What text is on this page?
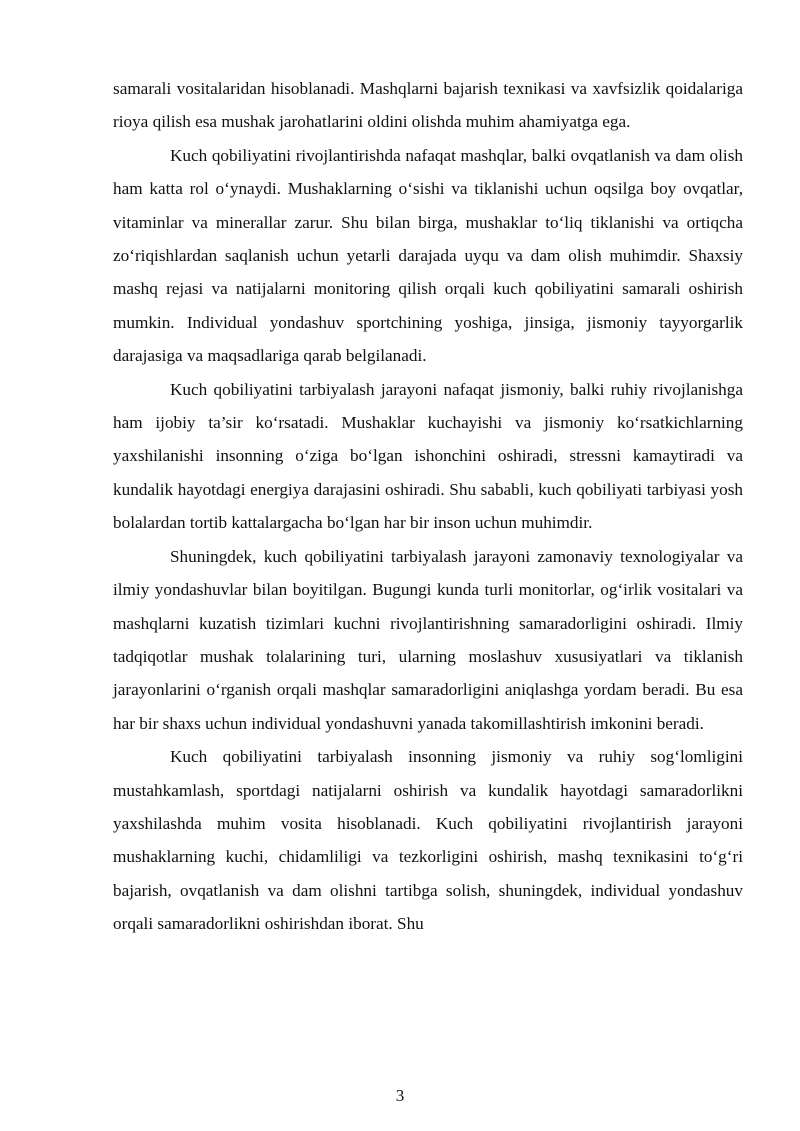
samarali vositalaridan hisoblanadi. Mashqlarni bajarish texnikasi va xavfsizlik qoidalariga rioya qilish esa mushak jarohatlarini oldini olishda muhim ahamiyatga ega.

Kuch qobiliyatini rivojlantirishda nafaqat mashqlar, balki ovqatlanish va dam olish ham katta rol o‘ynaydi. Mushaklarning o‘sishi va tiklanishi uchun oqsilga boy ovqatlar, vitaminlar va minerallar zarur. Shu bilan birga, mushaklar to‘liq tiklanishi va ortiqcha zo‘riqishlardan saqlanish uchun yetarli darajada uyqu va dam olish muhimdir. Shaxsiy mashq rejasi va natijalarni monitoring qilish orqali kuch qobiliyatini samarali oshirish mumkin. Individual yondashuv sportchining yoshiga, jinsiga, jismoniy tayyorgarlik darajasiga va maqsadlariga qarab belgilanadi.

Kuch qobiliyatini tarbiyalash jarayoni nafaqat jismoniy, balki ruhiy rivojlanishga ham ijobiy ta’sir ko‘rsatadi. Mushaklar kuchayishi va jismoniy ko‘rsatkichlarning yaxshilanishi insonning o‘ziga bo‘lgan ishonchini oshiradi, stressni kamaytiradi va kundalik hayotdagi energiya darajasini oshiradi. Shu sababli, kuch qobiliyati tarbiyasi yosh bolalardan tortib kattalargacha bo‘lgan har bir inson uchun muhimdir.

Shuningdek, kuch qobiliyatini tarbiyalash jarayoni zamonaviy texnologiyalar va ilmiy yondashuvlar bilan boyitilgan. Bugungi kunda turli monitorlar, og‘irlik vositalari va mashqlarni kuzatish tizimlari kuchni rivojlantirishning samaradorligini oshiradi. Ilmiy tadqiqotlar mushak tolalarining turi, ularning moslashuv xususiyatlari va tiklanish jarayonlarini o‘rganish orqali mashqlar samaradorligini aniqlashga yordam beradi. Bu esa har bir shaxs uchun individual yondashuvni yanada takomillashtirish imkonini beradi.

Kuch qobiliyatini tarbiyalash insonning jismoniy va ruhiy sog‘lomligini mustahkamlash, sportdagi natijalarni oshirish va kundalik hayotdagi samaradorlikni yaxshilashda muhim vosita hisoblanadi. Kuch qobiliyatini rivojlantirish jarayoni mushaklarning kuchi, chidamliligi va tezkorligini oshirish, mashq texnikasini to‘g‘ri bajarish, ovqatlanish va dam olishni tartibga solish, shuningdek, individual yondashuv orqali samaradorlikni oshirishdan iborat. Shu

3
